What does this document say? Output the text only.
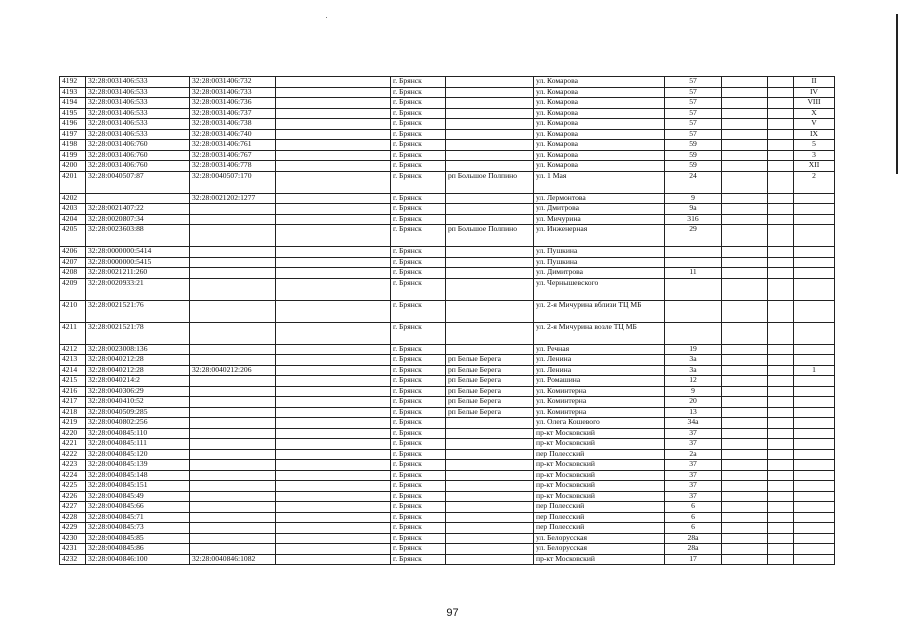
4192	32:28:0031406:533	32:28:0031406:732		г. Брянск		ул. Комарова	57			II
4193	32:28:0031406:533	32:28:0031406:733		г. Брянск		ул. Комарова	57			IV
4194	32:28:0031406:533	32:28:0031406:736		г. Брянск		ул. Комарова	57			VIII
4195	32:28:0031406:533	32:28:0031406:737		г. Брянск		ул. Комарова	57			X
4196	32:28:0031406:533	32:28:0031406:738		г. Брянск		ул. Комарова	57			V
4197	32:28:0031406:533	32:28:0031406:740		г. Брянск		ул. Комарова	57			IX
4198	32:28:0031406:760	32:28:0031406:761		г. Брянск		ул. Комарова	59			5
4199	32:28:0031406:760	32:28:0031406:767		г. Брянск		ул. Комарова	59			3
4200	32:28:0031406:760	32:28:0031406:778		г. Брянск		ул. Комарова	59			XII
4201	32:28:0040507:87	32:28:0040507:170		г. Брянск	рп Большое Полпино	ул. 1 Мая	24			2
4202		32:28:0021202:1277		г. Брянск		ул. Лермонтова	9			
4203	32:28:0021407:22			г. Брянск		ул. Дмитрова	9а			
4204	32:28:0020807:34			г. Брянск		ул. Мичурина	316			
4205	32:28:0023603:88			г. Брянск	рп Большое Полпино	ул. Инженерная	29			
4206	32:28:0000000:5414			г. Брянск		ул. Пушкина				
4207	32:28:0000000:5415			г. Брянск		ул. Пушкина				
4208	32:28:0021211:260			г. Брянск		ул. Димитрова	11			
4209	32:28:0020933:21			г. Брянск		ул. Чернышевского				
4210	32:28:0021521:76			г. Брянск		ул. 2-я Мичурина вблизи ТЦ МБ				
4211	32:28:0021521:78			г. Брянск		ул. 2-я Мичурина возле ТЦ МБ				
4212	32:28:0023008:136			г. Брянск		ул. Речная	19			
4213	32:28:0040212:28			г. Брянск	рп Белые Берега	ул. Ленина	3а			
4214	32:28:0040212:28	32:28:0040212:206		г. Брянск	рп Белые Берега	ул. Ленина	3а			1
4215	32:28:0040214:2			г. Брянск	рп Белые Берега	ул. Ромашина	12			
4216	32:28:0040306:29			г. Брянск	рп Белые Берега	ул. Коминтерна	9			
4217	32:28:0040410:52			г. Брянск	рп Белые Берега	ул. Коминтерна	20			
4218	32:28:0040509:285			г. Брянск	рп Белые Берега	ул. Коминтерна	13			
4219	32:28:0040802:256			г. Брянск		ул. Олега Кошевого	34а			
4220	32:28:0040845:110			г. Брянск		пр-кт Московский	37			
4221	32:28:0040845:111			г. Брянск		пр-кт Московский	37			
4222	32:28:0040845:120			г. Брянск		пер Полесский	2а			
4223	32:28:0040845:139			г. Брянск		пр-кт Московский	37			
4224	32:28:0040845:148			г. Брянск		пр-кт Московский	37			
4225	32:28:0040845:151			г. Брянск		пр-кт Московский	37			
4226	32:28:0040845:49			г. Брянск		пр-кт Московский	37			
4227	32:28:0040845:66			г. Брянск		пер Полесский	6			
4228	32:28:0040845:71			г. Брянск		пер Полесский	6			
4229	32:28:0040845:73			г. Брянск		пер Полесский	6			
4230	32:28:0040845:85			г. Брянск		ул. Белорусская	28а			
4231	32:28:0040845:86			г. Брянск		ул. Белорусская	28а			
4232	32:28:0040846:100	32:28:0040846:1082		г. Брянск		пр-кт Московский	17			
97
